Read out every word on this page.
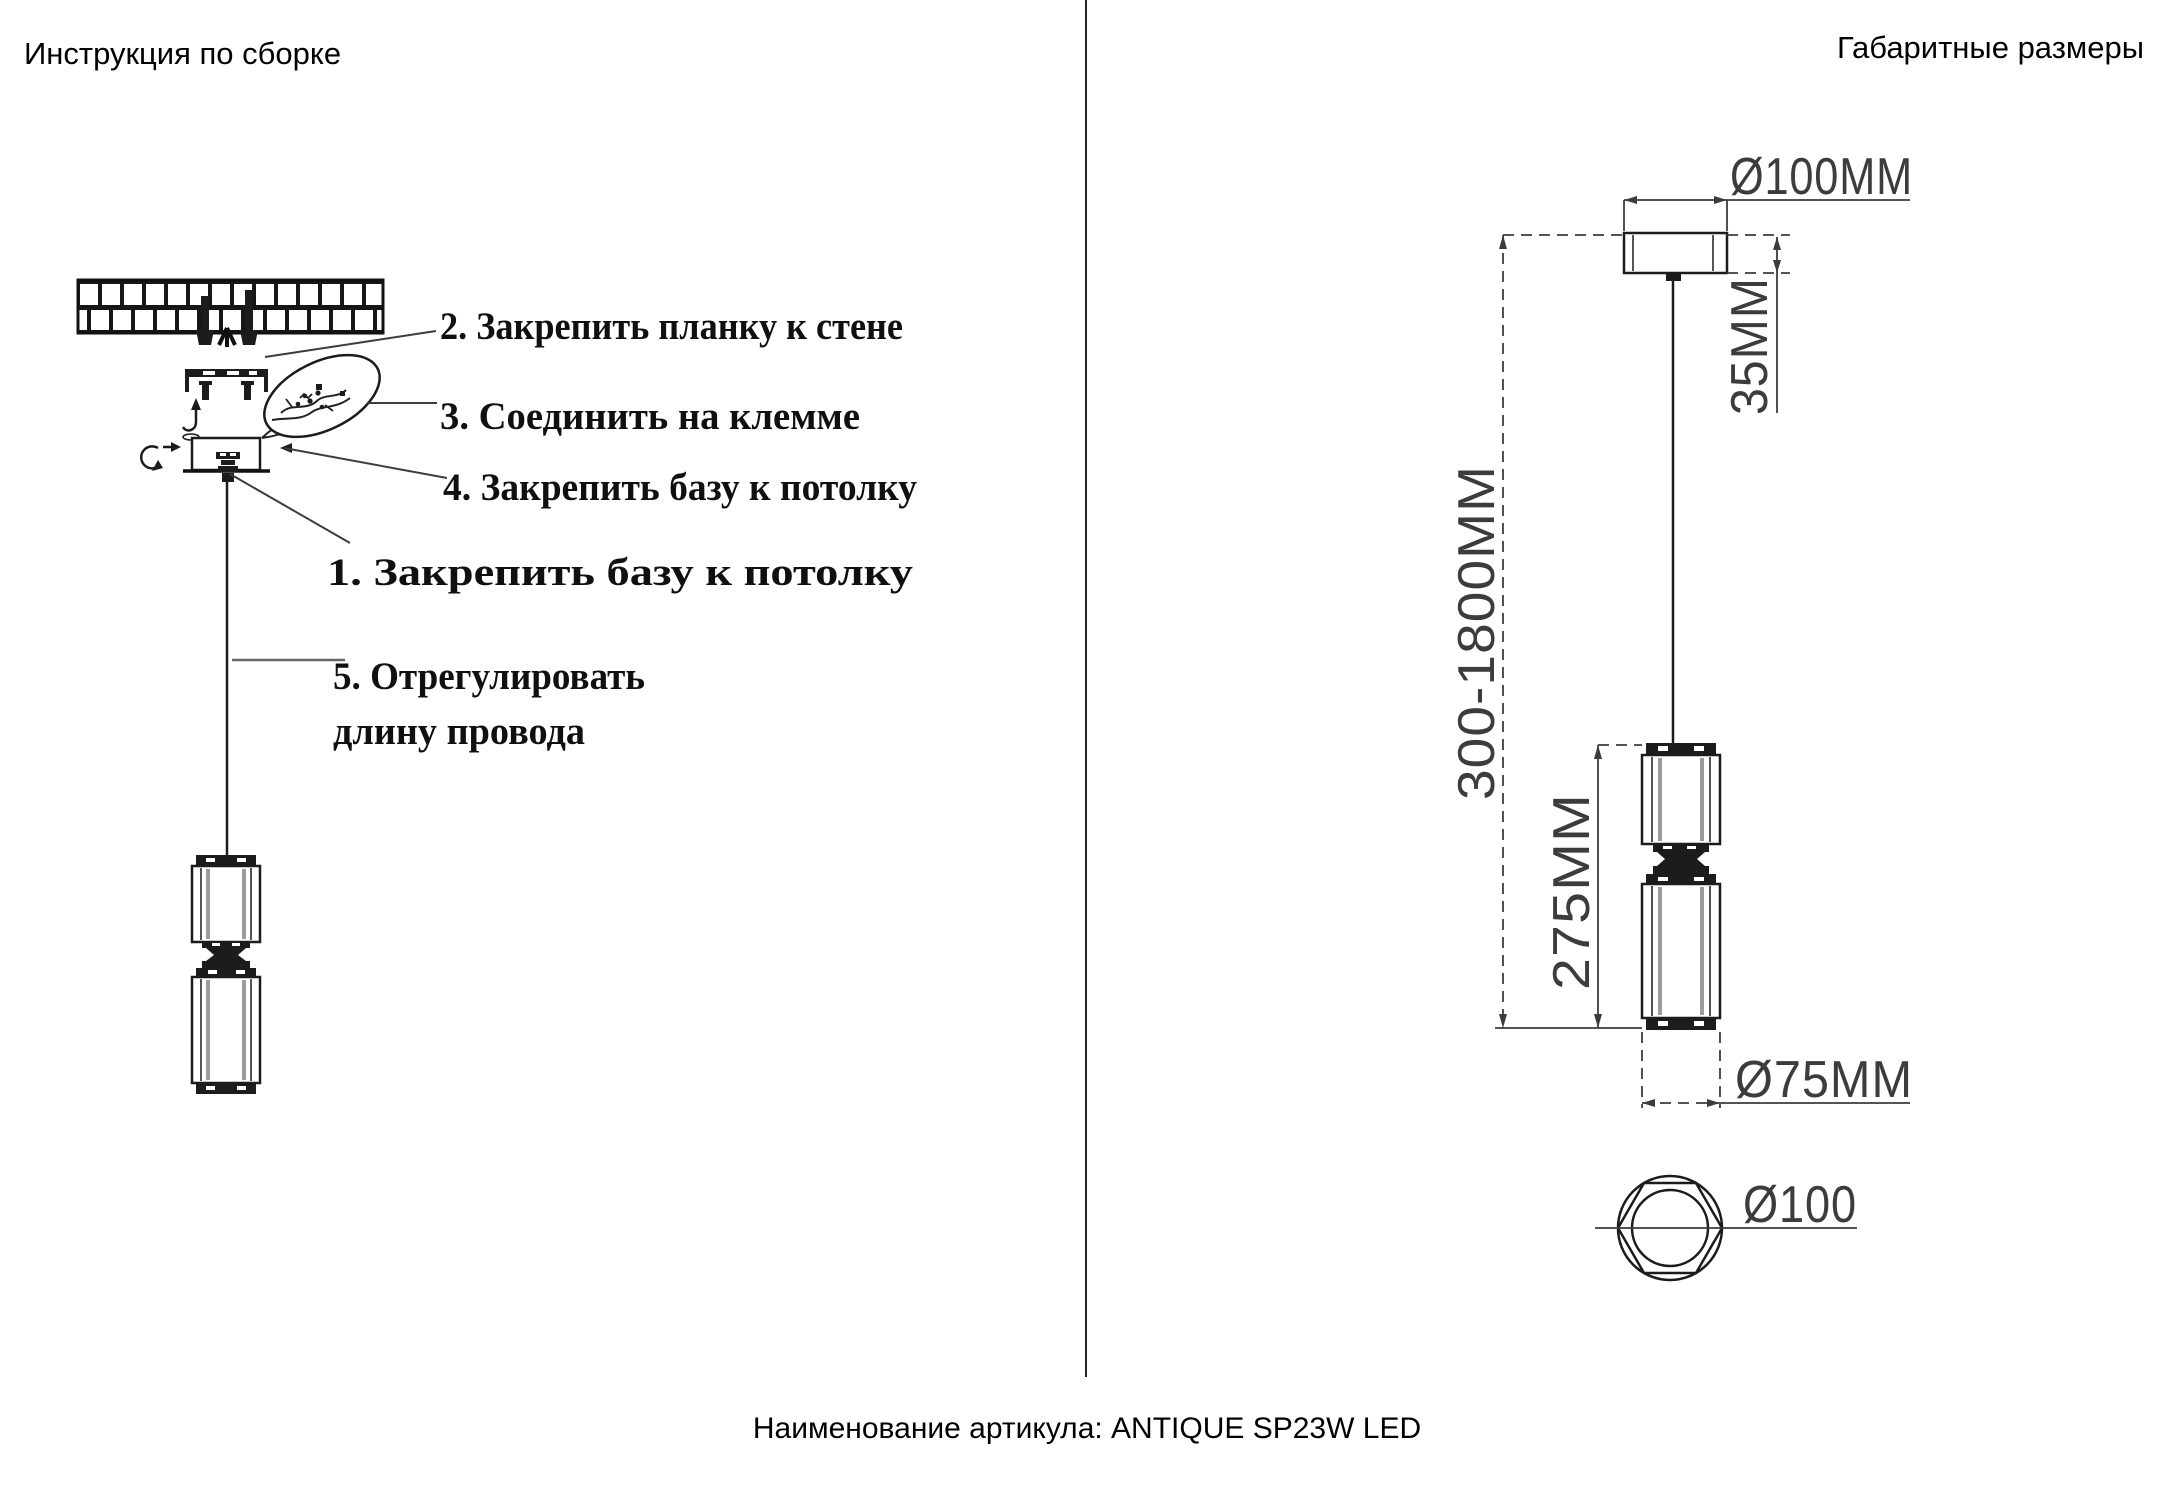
Инструкция по сборке	Габаритные размеры
Наименование артикула: ANTIQUE SP23W LED
2. Закрепить планку к стене
3. Соединить на клемме
4. Закрепить базу к потолку
1. Закрепить базу к потолку
5. Отрегулировать
длину провода
Ø100MM
35MM
300-1800MM
275MM
Ø75MM
Ø100
